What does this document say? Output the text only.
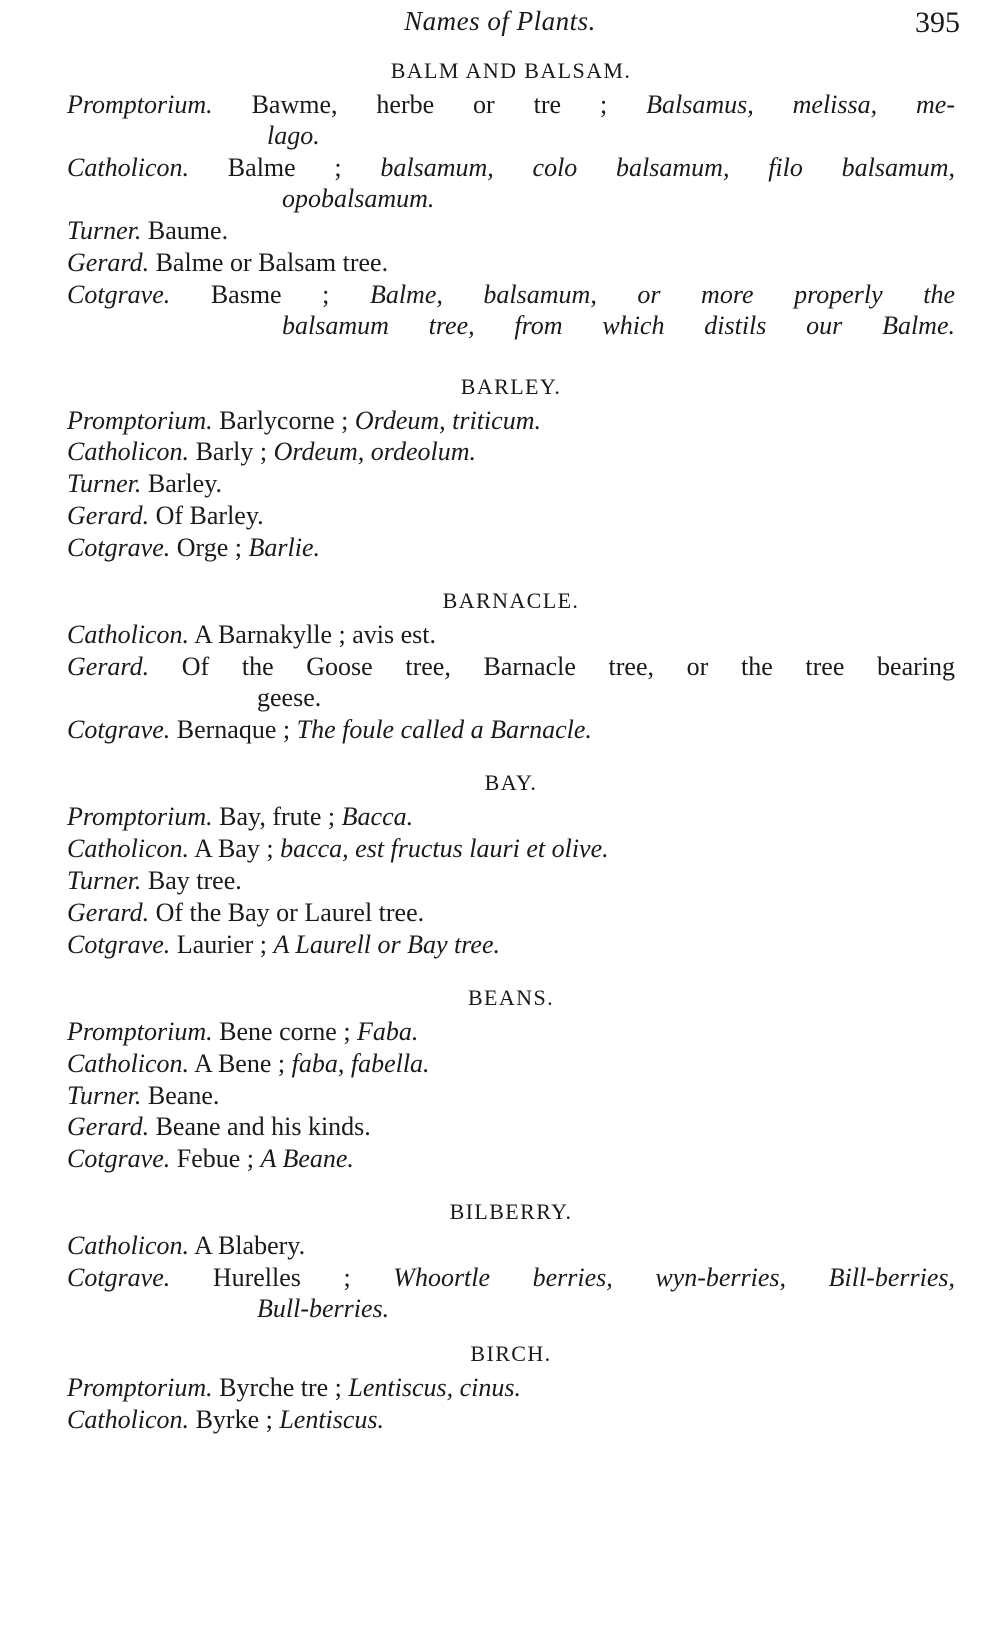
Names of Plants.	395
BALM AND BALSAM.
Promptorium. Bawme, herbe or tre ; Balsamus, melissa, me-
lago.
Catholicon. Balme ; balsamum, colo balsamum, filo balsamum,
opobalsamum.
Turner. Baume.
Gerard. Balme or Balsam tree.
Cotgrave. Basme ; Balme, balsamum, or more properly the
balsamum tree, from which distils our Balme.
BARLEY.
Promptorium. Barlycorne ; Ordeum, triticum.
Catholicon. Barly ; Ordeum, ordeolum.
Turner. Barley.
Gerard. Of Barley.
Cotgrave. Orge ; Barlie.
BARNACLE.
Catholicon. A Barnakylle ; avis est.
Gerard. Of the Goose tree, Barnacle tree, or the tree bearing
geese.
Cotgrave. Bernaque ; The foule called a Barnacle.
BAY.
Promptorium. Bay, frute ; Bacca.
Catholicon. A Bay ; bacca, est fructus lauri et olive.
Turner. Bay tree.
Gerard. Of the Bay or Laurel tree.
Cotgrave. Laurier ; A Laurell or Bay tree.
BEANS.
Promptorium. Bene corne ; Faba.
Catholicon. A Bene ; faba, fabella.
Turner. Beane.
Gerard. Beane and his kinds.
Cotgrave. Febue ; A Beane.
BILBERRY.
Catholicon. A Blabery.
Cotgrave. Hurelles ; Whoortle berries, wyn-berries, Bill-berries,
Bull-berries.
BIRCH.
Promptorium. Byrche tre ; Lentiscus, cinus.
Catholicon. Byrke ; Lentiscus.
